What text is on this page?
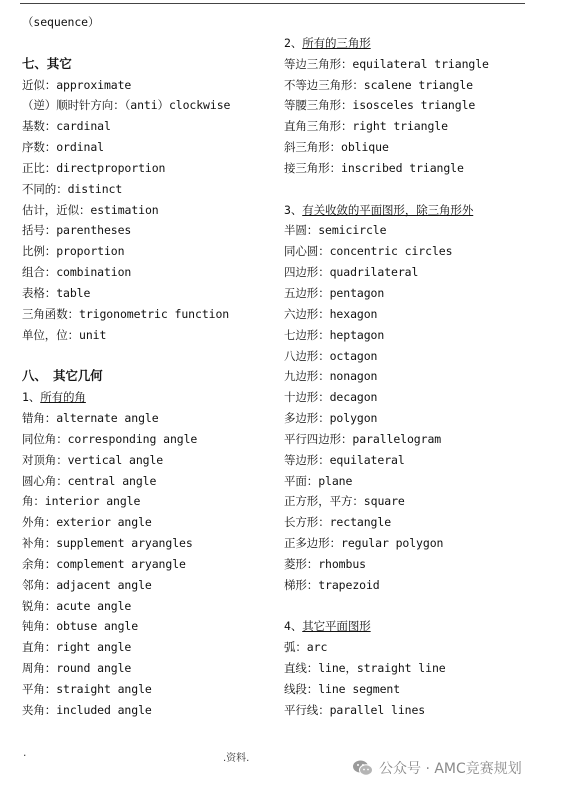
（sequence）
七、其它
近似：approximate
（逆）顺时针方向：（anti）clockwise
基数：cardinal
序数：ordinal
正比：directproportion
不同的：distinct
估计，近似：estimation
括号：parentheses
比例：proportion
组合：combination
表格：table
三角函数：trigonometric function
单位，位：unit
八、　其它几何
1、所有的角
错角：alternate angle
同位角：corresponding angle
对顶角：vertical angle
圆心角：central angle
角：interior angle
外角：exterior angle
补角：supplement aryangles
余角：complement aryangle
邻角：adjacent angle
锐角：acute angle
钝角：obtuse angle
直角：right angle
周角：round angle
平角：straight angle
夹角：included angle
2、所有的三角形
等边三角形：equilateral triangle
不等边三角形：scalene triangle
等腰三角形：isosceles triangle
直角三角形：right triangle
斜三角形：oblique
接三角形：inscribed triangle
3、有关收敛的平面图形，除三角形外
半圆：semicircle
同心圆：concentric circles
四边形：quadrilateral
五边形：pentagon
六边形：hexagon
七边形：heptagon
八边形：octagon
九边形：nonagon
十边形：decagon
多边形：polygon
平行四边形：parallelogram
等边形：equilateral
平面：plane
正方形，平方：square
长方形：rectangle
正多边形：regular polygon
菱形：rhombus
梯形：trapezoid
4、其它平面图形
弧：arc
直线：line，straight line
线段：line segment
平行线：parallel lines
.	.资料.
公众号 · AMC竞赛规划
